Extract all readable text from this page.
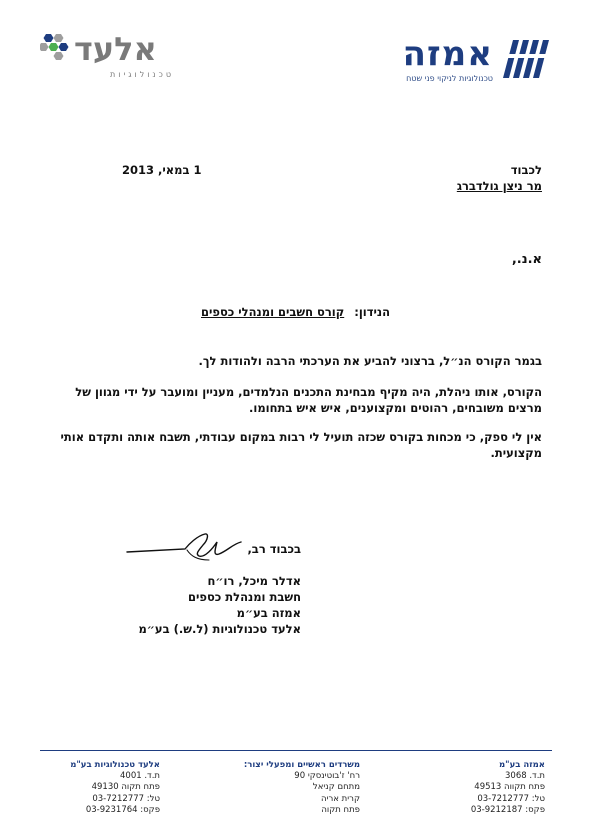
אמזה
טכנולוגיות לניקוי פני שטח
אלעד
טכנולוגיות
לכבוד
מר ניצן גולדברג
1 במאי, 2013
א.נ.,
הנידון: קורס חשבים ומנהלי כספים
בגמר הקורס הנ״ל, ברצוני להביע את הערכתי הרבה ולהודות לך.
הקורס, אותו ניהלת, היה מקיף מבחינת התכנים הנלמדים, מעניין ומועבר על ידי מגוון של מרצים משובחים, רהוטים ומקצוענים, איש איש בתחומו.
אין לי ספק, כי מכחות בקורס שכזה תועיל לי רבות במקום עבודתי, תשבח אותה ותקדם אותי מקצועית.
בכבוד רב,
אדלר מיכל, רו״ח
חשבת ומנהלת כספים
אמזה בע״מ
אלעד טכנולוגיות (ל.ש.) בע״מ
אמזה בע"מ
ת.ד. 3068
פתח תקווה 49513
טל: 03-7212777
פקס: 03-9212187
משרדים ראשיים ומפעלי יצור:
רח' ז'בוטינסקי 90
מתחם קניאל
קרית אריה
פתח תקוה
אלעד טכנולוגיות בע"מ
ת.ד. 4001
פתח תקוה 49130
טל: 03-7212777
פקס: 03-9231764
